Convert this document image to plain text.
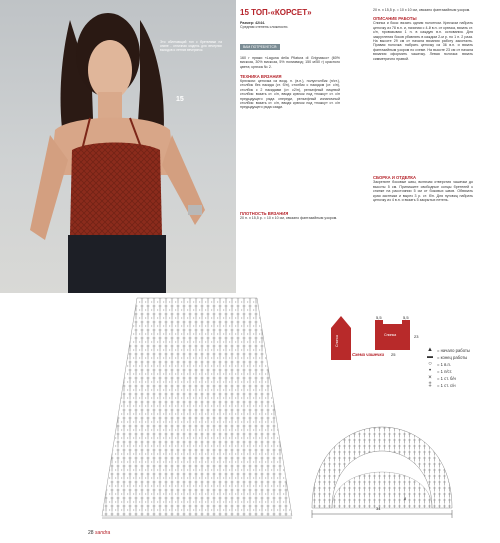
Это облегающий топ с бретелями на спине - отличная модель для вечерних выходов и летних вечеринок.
15
15 ТОП-«КОРСЕТ»
Размер: 42/44.
Средняя степень сложности.
ВАМ ПОТРЕБУЕТСЯ:
160 г пряжи «Laguna della Pilatura di Grignasco» (60% вискоза, 30% вискоза, 5% полиамид; 150 м/50 г) красного цвета; крючок № 2.
ТЕХНИКА ВЯЗАНИЯ
Крючком: цепочка из возд. п. (в.п.), полустолбик (п/ст.), столбик без накида (ст. б/н), столбик с накидом (ст. с/н), столбик с 2 накидами (ст. с2/н), рельефный лицевой столбик: вязать ст. с/н, вводя крючок под «ножку» ст. с/н предыдущего ряда спереди, рельефный изнаночный столбик: вязать ст. с/н, вводя крючок под «ножку» ст. с/н предыдущего ряда сзади.
ПЛОТНОСТЬ ВЯЗАНИЯ
20 п. х 15,5 р. = 10 х 10 см, связано фантазийным узором.
20 п. х 15,5 р. = 10 х 10 см, связано фантазийным узором.
ОПИСАНИЕ РАБОТЫ
Спинка и бока: вязать одним полотном. Крючком набрать цепочку из 78 в.п. и, начиная с 4-й в.п. от крючка, вязать ст. с/н, провязывая 1 п. в каждую в.п. основания. Для закругления боков убавлять в каждом 2-м р. по 1 п. 2 раза. На высоте 29 см от начала вязания работу закончить. Правая полочка: набрать цепочку из 36 в.п. и вязать фантазийным узором по схеме. На высоте 23 см от начала вязания оформить чашечку. Левая полочка: вязать симметрично правой.
СБОРКА И ОТДЕЛКА
Закрепите боковые швы, включая отверстия чашечки до высоты 5 см. Припишите свободные концы бретелей к спинке на расстоянии 5 см от боковых швов. Обвязать края застежки и вырез 3 р. ст. б/н. Для пуговиц набрать цепочку из 4 в.п. и вязать 5 закрытых петель.
Спинка
Спинка
5,5	5,5
25
23
▲ = начало работы
▬ = конец работы
○	= 1 в.п.
•	= 1 п/ст.
×	= 1 ст. б/н
‡	= 1 ст. с/н
Схема чашечки
34
8
28 sandra
